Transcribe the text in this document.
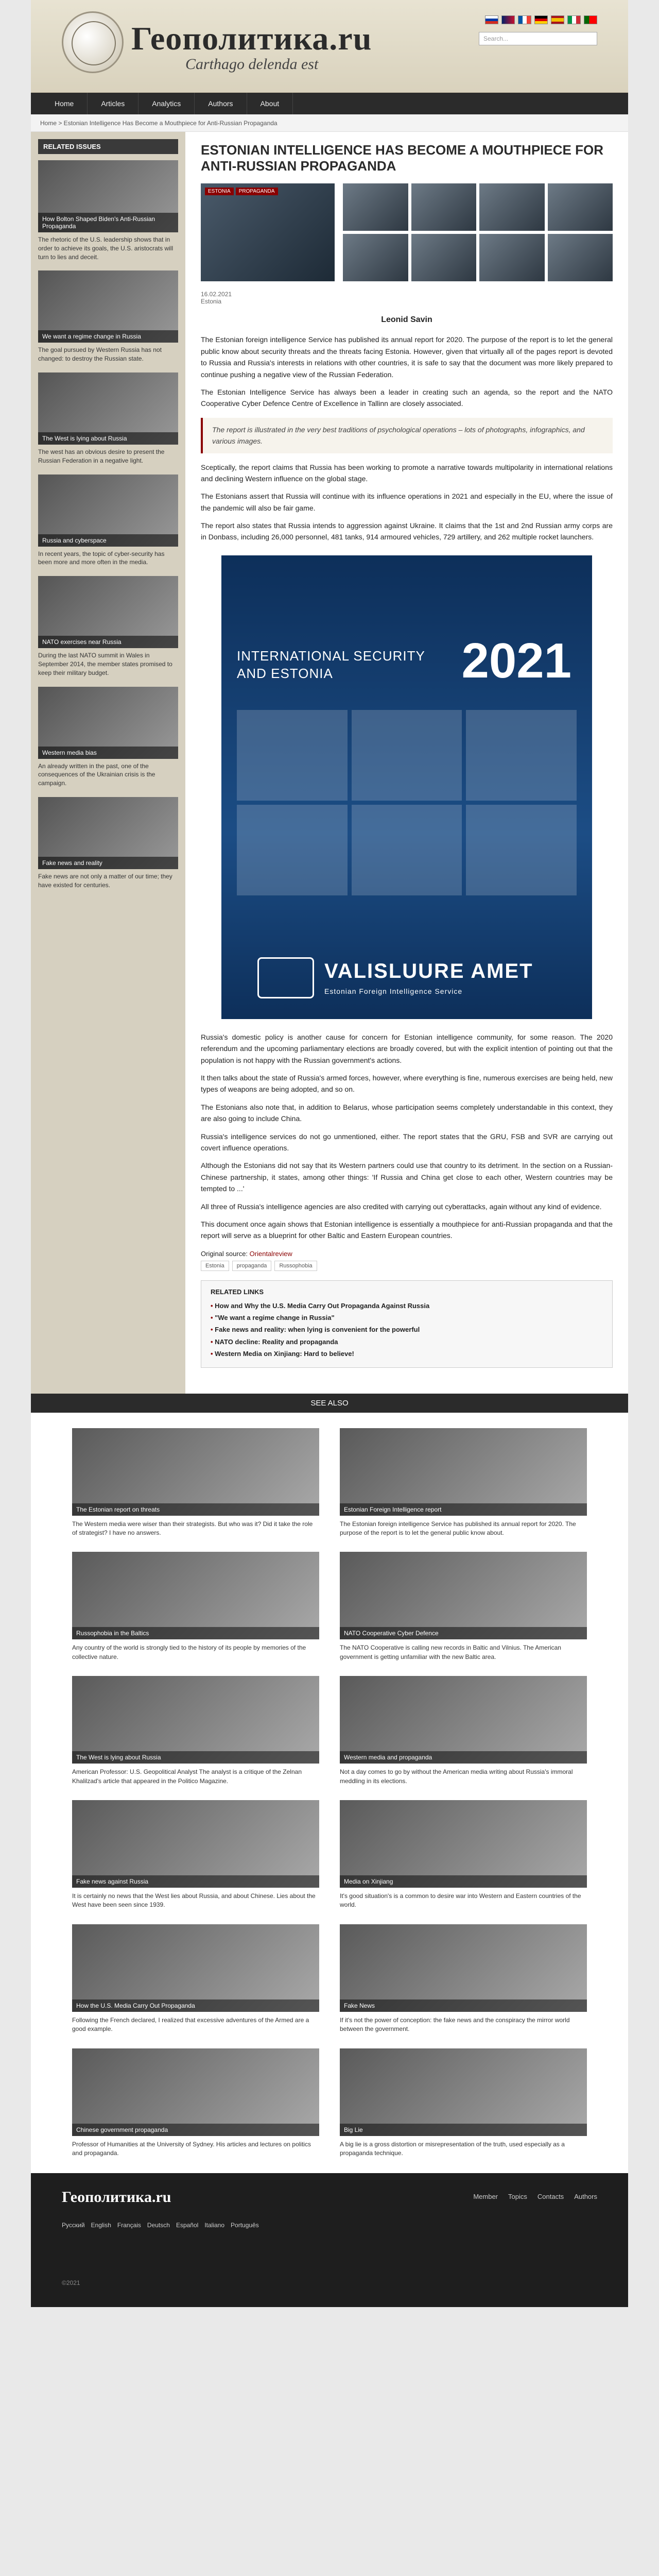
Геополитика.ru
Carthago delenda est
Search...
Home	Articles	Analytics	Authors	About
Home > Estonian Intelligence Has Become a Mouthpiece for Anti-Russian Propaganda
RELATED ISSUES
How Bolton Shaped Biden's Anti-Russian Propaganda
The rhetoric of the U.S. leadership shows that in order to achieve its goals, the U.S. aristocrats will turn to lies and deceit.
We want a regime change in Russia
The goal pursued by Western Russia has not changed: to destroy the Russian state.
The West is lying about Russia
The west has an obvious desire to present the Russian Federation in a negative light.
Russia and cyberspace
In recent years, the topic of cyber-security has been more and more often in the media.
NATO exercises near Russia
During the last NATO summit in Wales in September 2014, the member states promised to keep their military budget.
Western media bias
An already written in the past, one of the consequences of the Ukrainian crisis is the campaign.
Fake news and reality
Fake news are not only a matter of our time; they have existed for centuries.
ESTONIAN INTELLIGENCE HAS BECOME A MOUTHPIECE FOR ANTI-RUSSIAN PROPAGANDA
ESTONIA	PROPAGANDA
16.02.2021
Estonia
Leonid Savin

The Estonian foreign intelligence Service has published its annual report for 2020. The purpose of the report is to let the general public know about security threats and the threats facing Estonia. However, given that virtually all of the pages report is devoted to Russia and Russia's interests in relations with other countries, it is safe to say that the document was more likely prepared to continue pushing a negative view of the Russian Federation.

The Estonian Intelligence Service has always been a leader in creating such an agenda, so the report and the NATO Cooperative Cyber Defence Centre of Excellence in Tallinn are closely associated.

The report is illustrated in the very best traditions of psychological operations – lots of photographs, infographics, and various images.

Sceptically, the report claims that Russia has been working to promote a narrative towards multipolarity in international relations and declining Western influence on the global stage.

The Estonians assert that Russia will continue with its influence operations in 2021 and especially in the EU, where the issue of the pandemic will also be fair game.

The report also states that Russia intends to aggression against Ukraine. It claims that the 1st and 2nd Russian army corps are in Donbass, including 26,000 personnel, 481 tanks, 914 armoured vehicles, 729 artillery, and 262 multiple rocket launchers.

INTERNATIONAL SECURITY
AND ESTONIA	2021
VALISLUURE AMET
Estonian Foreign Intelligence Service

Russia's domestic policy is another cause for concern for Estonian intelligence community, for some reason. The 2020 referendum and the upcoming parliamentary elections are broadly covered, but with the explicit intention of pointing out that the population is not happy with the Russian government's actions.

It then talks about the state of Russia's armed forces, however, where everything is fine, numerous exercises are being held, new types of weapons are being adopted, and so on.

The Estonians also note that, in addition to Belarus, whose participation seems completely understandable in this context, they are also going to include China.

Russia's intelligence services do not go unmentioned, either. The report states that the GRU, FSB and SVR are carrying out covert influence operations.

Although the Estonians did not say that its Western partners could use that country to its detriment. In the section on a Russian-Chinese partnership, it states, among other things: 'If Russia and China get close to each other, Western countries may be tempted to ...'

All three of Russia's intelligence agencies are also credited with carrying out cyberattacks, again without any kind of evidence.

This document once again shows that Estonian intelligence is essentially a mouthpiece for anti-Russian propaganda and that the report will serve as a blueprint for other Baltic and Eastern European countries.

Original source: Orientalreview
Estonia	propaganda	Russophobia
RELATED LINKS
• How and Why the U.S. Media Carry Out Propaganda Against Russia
• "We want a regime change in Russia"
• Fake news and reality: when lying is convenient for the powerful
• NATO decline: Reality and propaganda
• Western Media on Xinjiang: Hard to believe!
SEE ALSO
The Estonian report on threats
The Western media were wiser than their strategists. But who was it? Did it take the role of strategist? I have no answers.
Estonian Foreign Intelligence report
The Estonian foreign intelligence Service has published its annual report for 2020. The purpose of the report is to let the general public know about.
Russophobia in the Baltics
Any country of the world is strongly tied to the history of its people by memories of the collective nature.
NATO Cooperative Cyber Defence
The NATO Cooperative is calling new records in Baltic and Vilnius. The American government is getting unfamiliar with the new Baltic area.
The West is lying about Russia
American Professor: U.S. Geopolitical Analyst The analyst is a critique of the Zelnan Khalilzad's article that appeared in the Politico Magazine.
Western media and propaganda
Not a day comes to go by without the American media writing about Russia's immoral meddling in its elections.
Fake news against Russia
It is certainly no news that the West lies about Russia, and about Chinese. Lies about the West have been seen since 1939.
Media on Xinjiang
It's good situation's is a common to desire war into Western and Eastern countries of the world.
How the U.S. Media Carry Out Propaganda
Following the French declared, I realized that excessive adventures of the Armed are a good example.
Fake News
If it's not the power of conception: the fake news and the conspiracy the mirror world between the government.
Chinese government propaganda
Professor of Humanities at the University of Sydney. His articles and lectures on politics and propaganda.
Big Lie
A big lie is a gross distortion or misrepresentation of the truth, used especially as a propaganda technique.
Геополитика.ru	Member Topics Contacts Authors
Русский English Français Deutsch Español Italiano Português
©2021
